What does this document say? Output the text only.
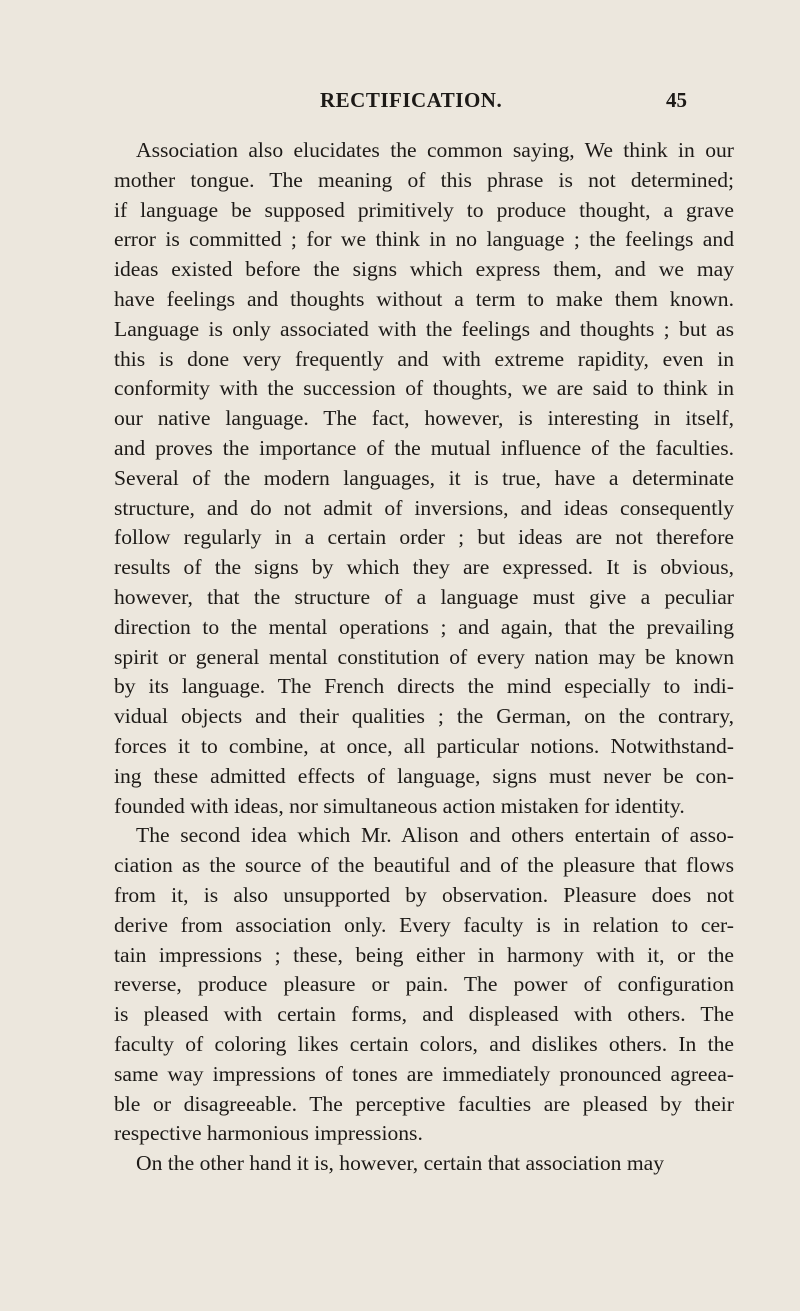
RECTIFICATION.	45
Association also elucidates the common saying, We think in our
mother tongue. The meaning of this phrase is not determined;
if language be supposed primitively to produce thought, a grave
error is committed ; for we think in no language ; the feelings and
ideas existed before the signs which express them, and we may
have feelings and thoughts without a term to make them known.
Language is only associated with the feelings and thoughts ; but as
this is done very frequently and with extreme rapidity, even in
conformity with the succession of thoughts, we are said to think in
our native language. The fact, however, is interesting in itself,
and proves the importance of the mutual influence of the faculties.
Several of the modern languages, it is true, have a determinate
structure, and do not admit of inversions, and ideas consequently
follow regularly in a certain order ; but ideas are not therefore
results of the signs by which they are expressed. It is obvious,
however, that the structure of a language must give a peculiar
direction to the mental operations ; and again, that the prevailing
spirit or general mental constitution of every nation may be known
by its language. The French directs the mind especially to indi-
vidual objects and their qualities ; the German, on the contrary,
forces it to combine, at once, all particular notions. Notwithstand-
ing these admitted effects of language, signs must never be con-
founded with ideas, nor simultaneous action mistaken for identity.
The second idea which Mr. Alison and others entertain of asso-
ciation as the source of the beautiful and of the pleasure that flows
from it, is also unsupported by observation. Pleasure does not
derive from association only. Every faculty is in relation to cer-
tain impressions ; these, being either in harmony with it, or the
reverse, produce pleasure or pain. The power of configuration
is pleased with certain forms, and displeased with others. The
faculty of coloring likes certain colors, and dislikes others. In the
same way impressions of tones are immediately pronounced agreea-
ble or disagreeable. The perceptive faculties are pleased by their
respective harmonious impressions.
On the other hand it is, however, certain that association may
